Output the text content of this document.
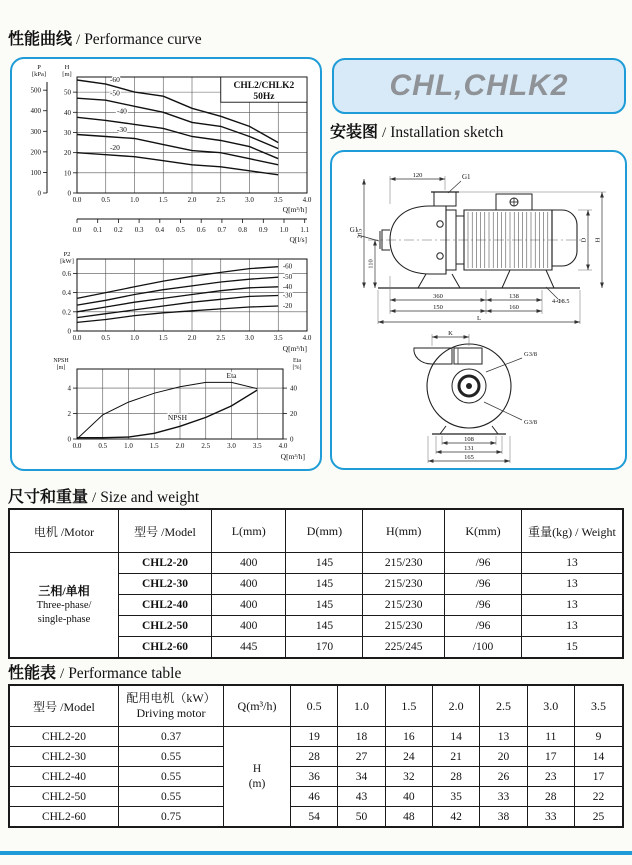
性能曲线 / Performance curve
0
100
200
300
400
500
P
[kPa]
0
10
20
30
40
50
H
[m]
CHL2/CHLK2
50Hz
-60
-50
-40
-30
-20
0.0	0.5	1.0	1.5	2.0	2.5	3.0	3.5	4.0
Q[m³/h]
0.0 0.1 0.2 0.3 0.4 0.5 0.6 0.7 0.8 0.9 1.0 1.1
Q[l/s]
0
0.2
0.4
0.6
P2
[kW]
-60
-50
-40
-30
-20
0.0	0.5	1.0	1.5	2.0	2.5	3.0	3.5	4.0
Q[m³/h]
0
2
4
0
20
40
NPSH
[m]
Eta
[%]
Eta
NPSH
0.0 0.5 1.0 1.5 2.0 2.5 3.0 3.5 4.0
Q[m³/h]
CHL,CHLK2
安装图 / Installation sketch
120	G1
G1
215
110
D H
360	138
4-Φ8.5
150	160
L
K
G3/8
G3/8
108
131
165
尺寸和重量 / Size and weight
电机 /Motor	型号 /Model	L(mm)	D(mm)	H(mm)	K(mm)	重量(kg) / Weight

三相/单相
Three-phase/
single-phase	CHL2-20	400	145	215/230	/96	13
	CHL2-30	400	145	215/230	/96	13
	CHL2-40	400	145	215/230	/96	13
	CHL2-50	400	145	215/230	/96	13
	CHL2-60	445	170	225/245	/100	15
性能表 / Performance table
型号 /Model	配用电机（kW）
Driving motor	Q(m³/h)	0.5	1.0	1.5	2.0	2.5	3.0	3.5
CHL2-20	0.37	H
(m)	19	18	16	14	13	11	9
CHL2-30	0.55		28	27	24	21	20	17	14
CHL2-40	0.55		36	34	32	28	26	23	17
CHL2-50	0.55		46	43	40	35	33	28	22
CHL2-60	0.75		54	50	48	42	38	33	25
